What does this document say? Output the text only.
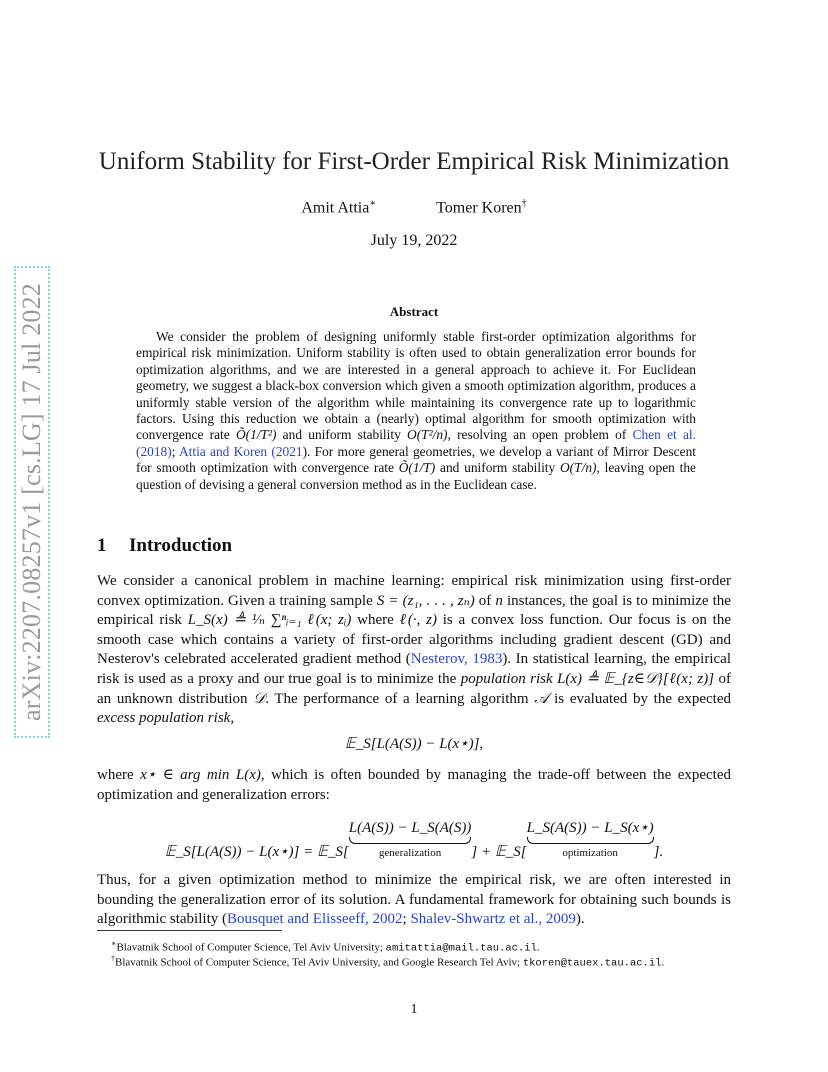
arXiv:2207.08257v1 [cs.LG] 17 Jul 2022
Uniform Stability for First-Order Empirical Risk Minimization
Amit Attia∗	Tomer Koren†
July 19, 2022
Abstract

We consider the problem of designing uniformly stable first-order optimization algorithms for empirical risk minimization. Uniform stability is often used to obtain generalization error bounds for optimization algorithms, and we are interested in a general approach to achieve it. For Euclidean geometry, we suggest a black-box conversion which given a smooth optimization algorithm, produces a uniformly stable version of the algorithm while maintaining its convergence rate up to logarithmic factors. Using this reduction we obtain a (nearly) optimal algorithm for smooth optimization with convergence rate Õ(1/T²) and uniform stability O(T²/n), resolving an open problem of Chen et al. (2018); Attia and Koren (2021). For more general geometries, we develop a variant of Mirror Descent for smooth optimization with convergence rate Õ(1/T) and uniform stability O(T/n), leaving open the question of devising a general conversion method as in the Euclidean case.

1 Introduction

We consider a canonical problem in machine learning: empirical risk minimization using first-order convex optimization. Given a training sample S = (z₁, . . . , zₙ) of n instances, the goal is to minimize the empirical risk L_S(x) ≜ ¹⁄ₙ ∑ⁿᵢ₌₁ ℓ(x; zᵢ) where ℓ(·, z) is a convex loss function. Our focus is on the smooth case which contains a variety of first-order algorithms including gradient descent (GD) and Nesterov's celebrated accelerated gradient method (Nesterov, 1983). In statistical learning, the empirical risk is used as a proxy and our true goal is to minimize the population risk L(x) ≜ 𝔼_{z∈𝒟}[ℓ(x; z)] of an unknown distribution 𝒟. The performance of a learning algorithm 𝒜 is evaluated by the expected excess population risk,

𝔼_S[L(A(S)) − L(x⋆)],

where x⋆ ∈ arg min L(x), which is often bounded by managing the trade-off between the expected optimization and generalization errors:

𝔼_S[L(A(S)) − L(x⋆)] = 𝔼_S[L(A(S)) − L_S(A(S))
generalization	] + 𝔼_S[L_S(A(S)) − L_S(x⋆)
optimization	].

Thus, for a given optimization method to minimize the empirical risk, we are often interested in bounding the generalization error of its solution. A fundamental framework for obtaining such bounds is algorithmic stability (Bousquet and Elisseeff, 2002; Shalev-Shwartz et al., 2009).

∗Blavatnik School of Computer Science, Tel Aviv University; amitattia@mail.tau.ac.il.

†Blavatnik School of Computer Science, Tel Aviv University, and Google Research Tel Aviv; tkoren@tauex.tau.ac.il.

1
